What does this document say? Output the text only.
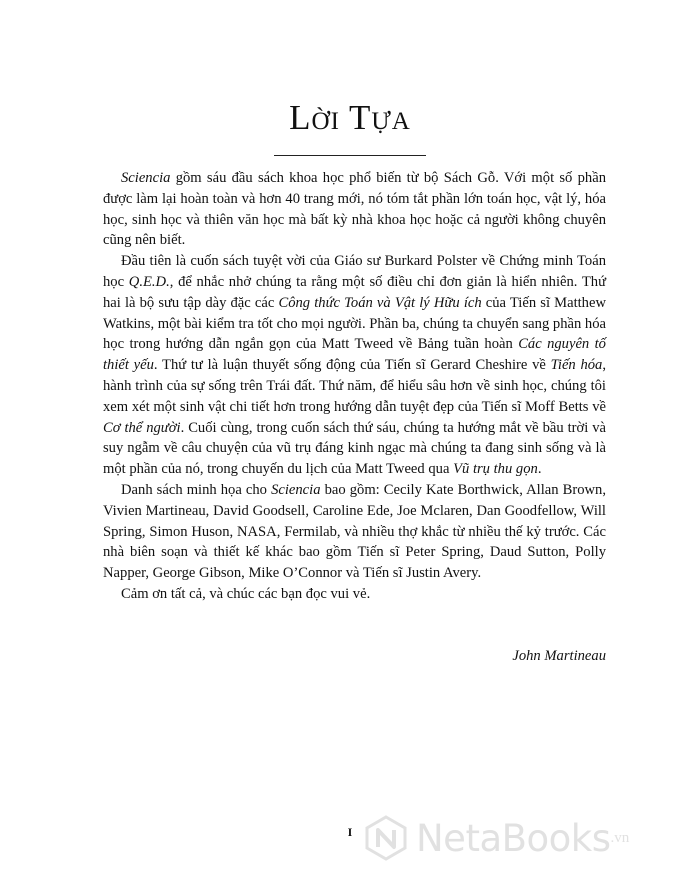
Lời Tựa

Sciencia gồm sáu đầu sách khoa học phổ biến từ bộ Sách Gỗ. Với một số phần được làm lại hoàn toàn và hơn 40 trang mới, nó tóm tắt phần lớn toán học, vật lý, hóa học, sinh học và thiên văn học mà bất kỳ nhà khoa học hoặc cả người không chuyên cũng nên biết.

Đầu tiên là cuốn sách tuyệt vời của Giáo sư Burkard Polster về Chứng minh Toán học Q.E.D., để nhắc nhở chúng ta rằng một số điều chỉ đơn giản là hiển nhiên. Thứ hai là bộ sưu tập dày đặc các Công thức Toán và Vật lý Hữu ích của Tiến sĩ Matthew Watkins, một bài kiểm tra tốt cho mọi người. Phần ba, chúng ta chuyển sang phần hóa học trong hướng dẫn ngắn gọn của Matt Tweed về Bảng tuần hoàn Các nguyên tố thiết yếu. Thứ tư là luận thuyết sống động của Tiến sĩ Gerard Cheshire về Tiến hóa, hành trình của sự sống trên Trái đất. Thứ năm, để hiểu sâu hơn về sinh học, chúng tôi xem xét một sinh vật chi tiết hơn trong hướng dẫn tuyệt đẹp của Tiến sĩ Moff Betts về Cơ thể người. Cuối cùng, trong cuốn sách thứ sáu, chúng ta hướng mắt về bầu trời và suy ngẫm về câu chuyện của vũ trụ đáng kinh ngạc mà chúng ta đang sinh sống và là một phần của nó, trong chuyến du lịch của Matt Tweed qua Vũ trụ thu gọn.

Danh sách minh họa cho Sciencia bao gồm: Cecily Kate Borthwick, Allan Brown, Vivien Martineau, David Goodsell, Caroline Ede, Joe Mclaren, Dan Goodfellow, Will Spring, Simon Huson, NASA, Fermilab, và nhiều thợ khắc từ nhiều thế kỷ trước. Các nhà biên soạn và thiết kế khác bao gồm Tiến sĩ Peter Spring, Daud Sutton, Polly Napper, George Gibson, Mike O’Connor và Tiến sĩ Justin Avery.

Cảm ơn tất cả, và chúc các bạn đọc vui vẻ.

John Martineau
I	NetaBooks .vn
